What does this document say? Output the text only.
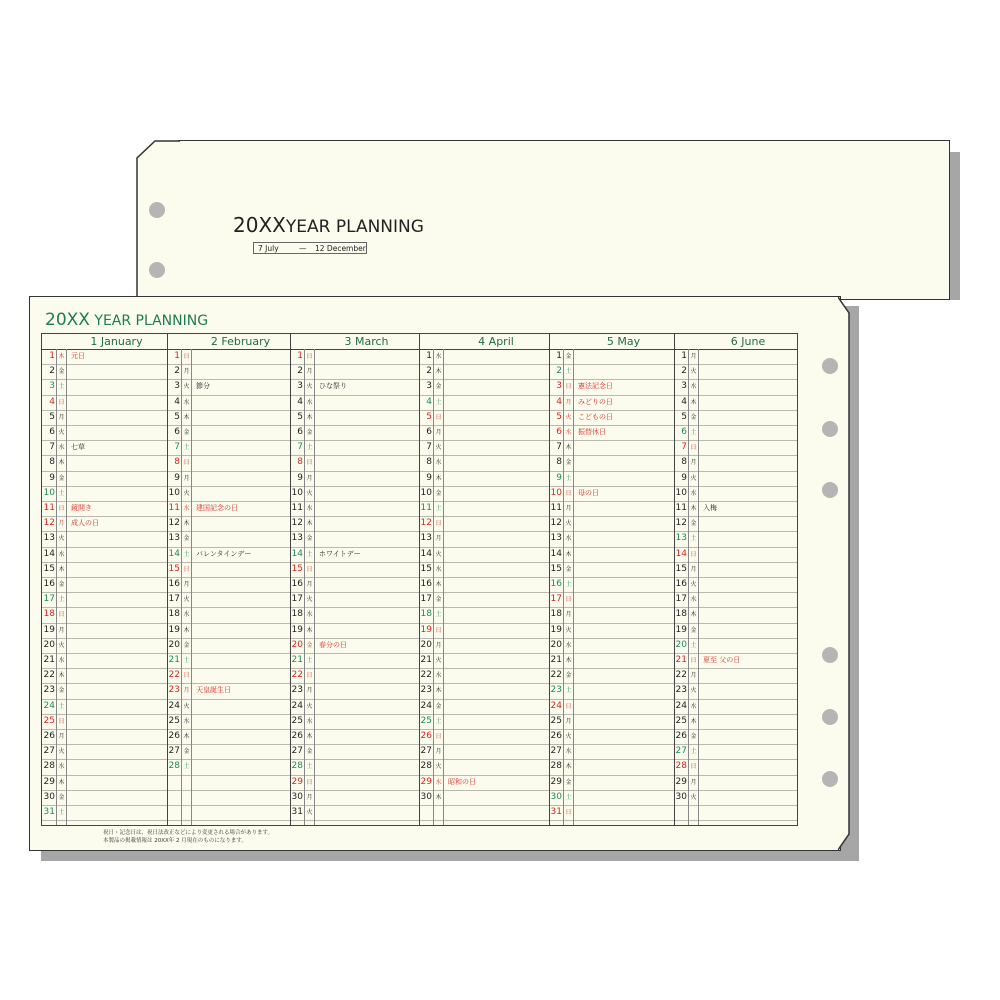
20XXYEAR PLANNING
7 July	— 12 December
20XX YEAR PLANNING
1 January
1 木 元日
2 金
3 土
4 日
5 月
6 火
7 水 七草
8 木
9 金
10 土
11 日 鏡開き
12 月 成人の日
13 火
14 水
15 木
16 金
17 土
18 日
19 月
20 火
21 水
22 木
23 金
24 土
25 日
26 月
27 火
28 水
29 木
30 金
31 土
2 February
1 日
2 月
3 火 節分
4 水
5 木
6 金
7 土
8 日
9 月
10 火
11 水 建国記念の日
12 木
13 金
14 土 バレンタインデー
15 日
16 月
17 火
18 水
19 木
20 金
21 土
22 日
23 月 天皇誕生日
24 火
25 水
26 木
27 金
28 土
3 March
1 日
2 月
3 火 ひな祭り
4 水
5 木
6 金
7 土
8 日
9 月
10 火
11 水
12 木
13 金
14 土 ホワイトデー
15 日
16 月
17 火
18 水
19 木
20 金 春分の日
21 土
22 日
23 月
24 火
25 水
26 木
27 金
28 土
29 日
30 月
31 火
4 April
1 水
2 木
3 金
4 土
5 日
6 月
7 火
8 水
9 木
10 金
11 土
12 日
13 月
14 火
15 水
16 木
17 金
18 土
19 日
20 月
21 火
22 水
23 木
24 金
25 土
26 日
27 月
28 火
29 水 昭和の日
30 木
5 May
1 金
2 土
3 日 憲法記念日
4 月 みどりの日
5 火 こどもの日
6 水 振替休日
7 木
8 金
9 土
10 日 母の日
11 月
12 火
13 水
14 木
15 金
16 土
17 日
18 月
19 火
20 水
21 木
22 金
23 土
24 日
25 月
26 火
27 水
28 木
29 金
30 土
31 日
6 June
1 月
2 火
3 水
4 木
5 金
6 土
7 日
8 月
9 火
10 水
11 木 入梅
12 金
13 土
14 日
15 月
16 火
17 水
18 木
19 金
20 土
21 日 夏至 父の日
22 月
23 火
24 水
25 木
26 金
27 土
28 日
29 月
30 火
祝日・記念日は、祝日法改正などにより変更される場合があります。
本製品の掲載情報は 20XX年 2 月現在のものになります。
